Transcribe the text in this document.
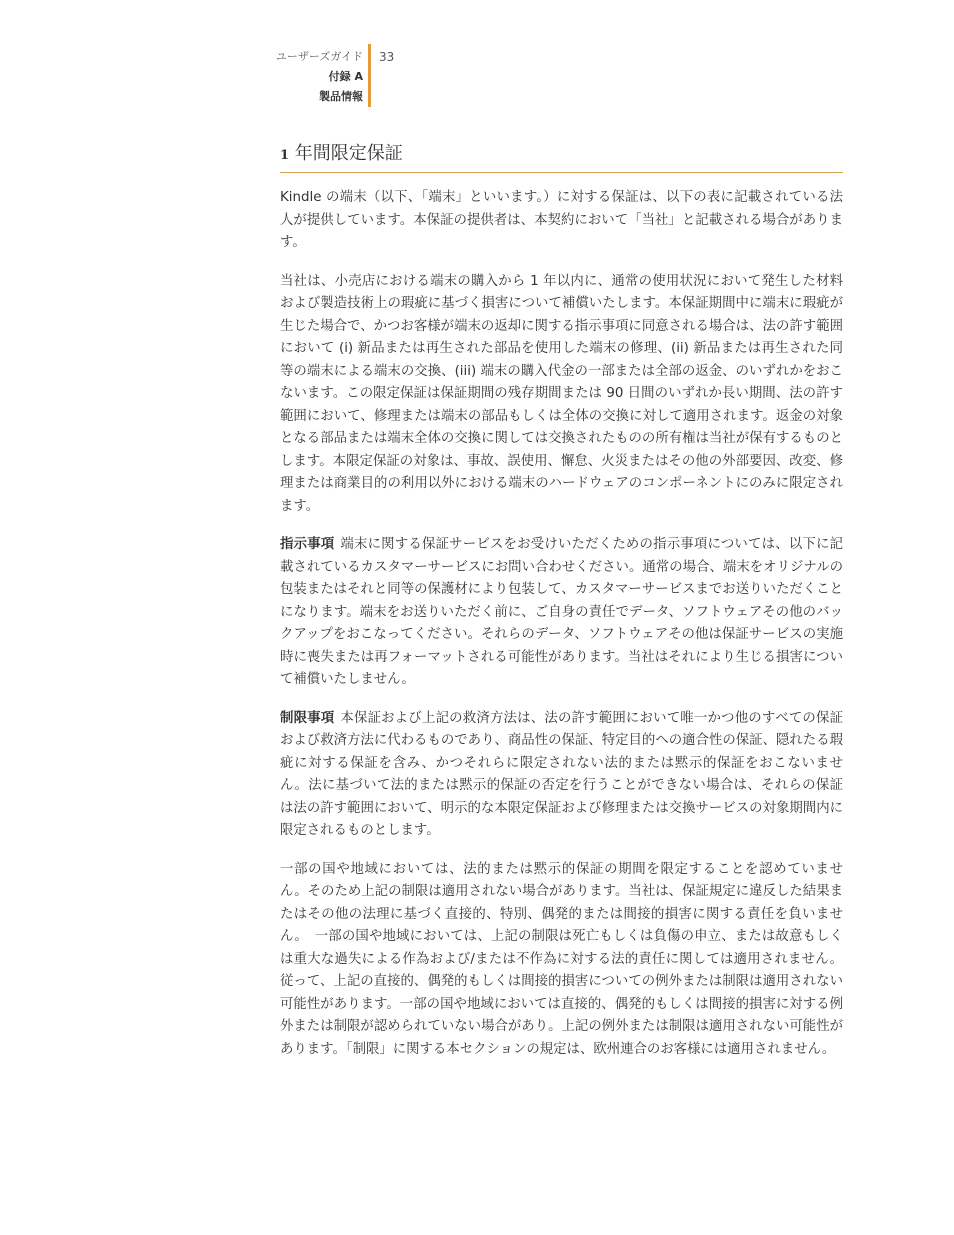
ユーザーズガイド
付録 A
製品情報
33
1 年間限定保証

Kindle の端末（以下、「端末」といいます。）に対する保証は、以下の表に記載されている法人が提供しています。本保証の提供者は、本契約において「当社」と記載される場合があります。

当社は、小売店における端末の購入から 1 年以内に、通常の使用状況において発生した材料および製造技術上の瑕疵に基づく損害について補償いたします。本保証期間中に端末に瑕疵が生じた場合で、かつお客様が端末の返却に関する指示事項に同意される場合は、法の許す範囲において (i) 新品または再生された部品を使用した端末の修理、(ii) 新品または再生された同等の端末による端末の交換、(iii) 端末の購入代金の一部または全部の返金、のいずれかをおこないます。この限定保証は保証期間の残存期間または 90 日間のいずれか長い期間、法の許す範囲において、修理または端末の部品もしくは全体の交換に対して適用されます。返金の対象となる部品または端末全体の交換に関しては交換されたものの所有権は当社が保有するものとします。本限定保証の対象は、事故、誤使用、懈怠、火災またはその他の外部要因、改変、修理または商業目的の利用以外における端末のハードウェアのコンポーネントにのみに限定されます。

指示事項 端末に関する保証サービスをお受けいただくための指示事項については、以下に記載されているカスタマーサービスにお問い合わせください。通常の場合、端末をオリジナルの包装またはそれと同等の保護材により包装して、カスタマーサービスまでお送りいただくことになります。端末をお送りいただく前に、ご自身の責任でデータ、ソフトウェアその他のバックアップをおこなってください。それらのデータ、ソフトウェアその他は保証サービスの実施時に喪失または再フォーマットされる可能性があります。当社はそれにより生じる損害について補償いたしません。

制限事項 本保証および上記の救済方法は、法の許す範囲において唯一かつ他のすべての保証および救済方法に代わるものであり、商品性の保証、特定目的への適合性の保証、隠れたる瑕疵に対する保証を含み、かつそれらに限定されない法的または黙示的保証をおこないません。法に基づいて法的または黙示的保証の否定を行うことができない場合は、それらの保証は法の許す範囲において、明示的な本限定保証および修理または交換サービスの対象期間内に限定されるものとします。

一部の国や地域においては、法的または黙示的保証の期間を限定することを認めていません。そのため上記の制限は適用されない場合があります。当社は、保証規定に違反した結果またはその他の法理に基づく直接的、特別、偶発的または間接的損害に関する責任を負いません。　一部の国や地域においては、上記の制限は死亡もしくは負傷の申立、または故意もしくは重大な過失による作為および/または不作為に対する法的責任に関しては適用されません。従って、上記の直接的、偶発的もしくは間接的損害についての例外または制限は適用されない可能性があります。一部の国や地域においては直接的、偶発的もしくは間接的損害に対する例外または制限が認められていない場合があり。上記の例外または制限は適用されない可能性があります。「制限」に関する本セクションの規定は、欧州連合のお客様には適用されません。
